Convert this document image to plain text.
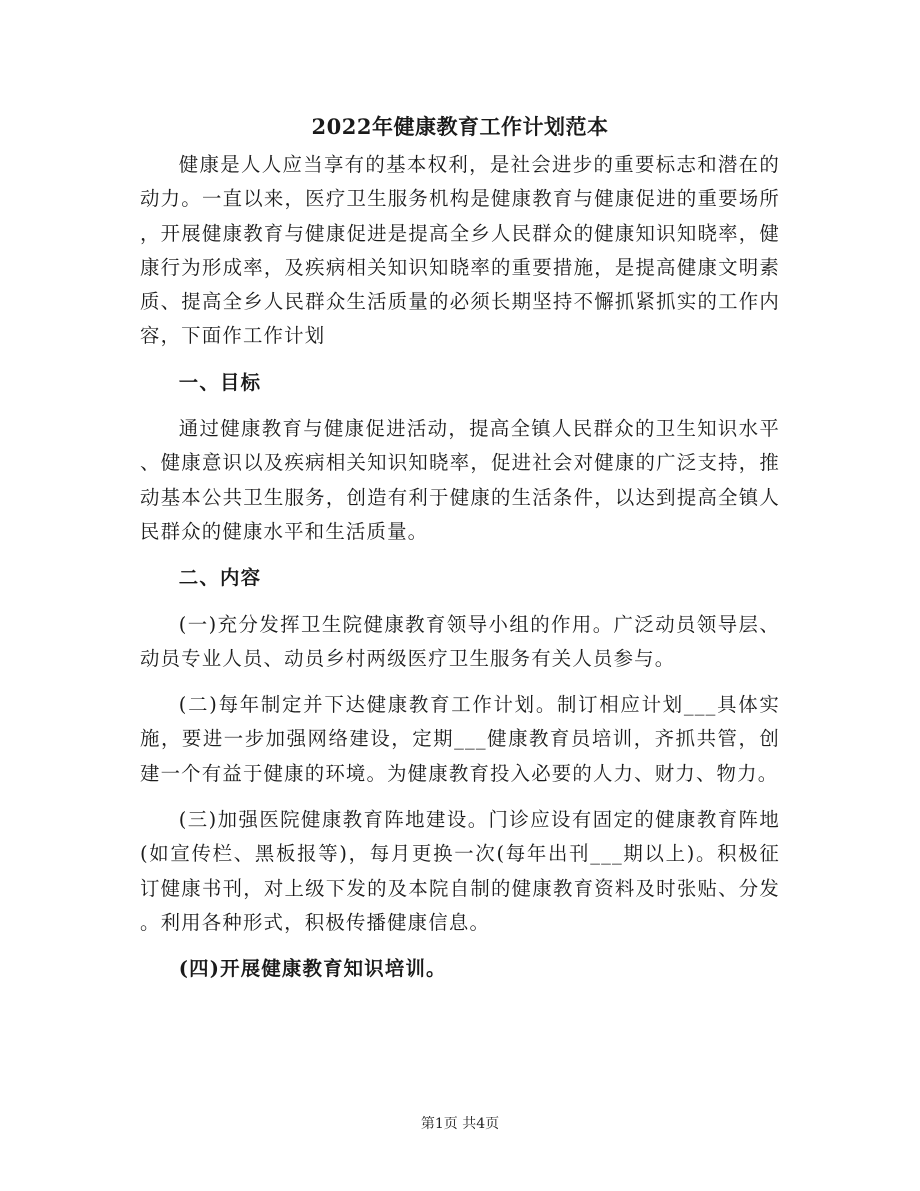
2022年健康教育工作计划范本

健康是人人应当享有的基本权利，是社会进步的重要标志和潜在的动力。一直以来，医疗卫生服务机构是健康教育与健康促进的重要场所，开展健康教育与健康促进是提高全乡人民群众的健康知识知晓率，健康行为形成率，及疾病相关知识知晓率的重要措施，是提高健康文明素质、提高全乡人民群众生活质量的必须长期坚持不懈抓紧抓实的工作内容，下面作工作计划

一、目标

通过健康教育与健康促进活动，提高全镇人民群众的卫生知识水平、健康意识以及疾病相关知识知晓率，促进社会对健康的广泛支持，推动基本公共卫生服务，创造有利于健康的生活条件，以达到提高全镇人民群众的健康水平和生活质量。

二、内容

(一)充分发挥卫生院健康教育领导小组的作用。广泛动员领导层、动员专业人员、动员乡村两级医疗卫生服务有关人员参与。

(二)每年制定并下达健康教育工作计划。制订相应计划___具体实施，要进一步加强网络建设，定期___健康教育员培训，齐抓共管，创建一个有益于健康的环境。为健康教育投入必要的人力、财力、物力。

(三)加强医院健康教育阵地建设。门诊应设有固定的健康教育阵地(如宣传栏、黑板报等)，每月更换一次(每年出刊___期以上)。积极征订健康书刊，对上级下发的及本院自制的健康教育资料及时张贴、分发。利用各种形式，积极传播健康信息。

(四)开展健康教育知识培训。

第1页 共4页
